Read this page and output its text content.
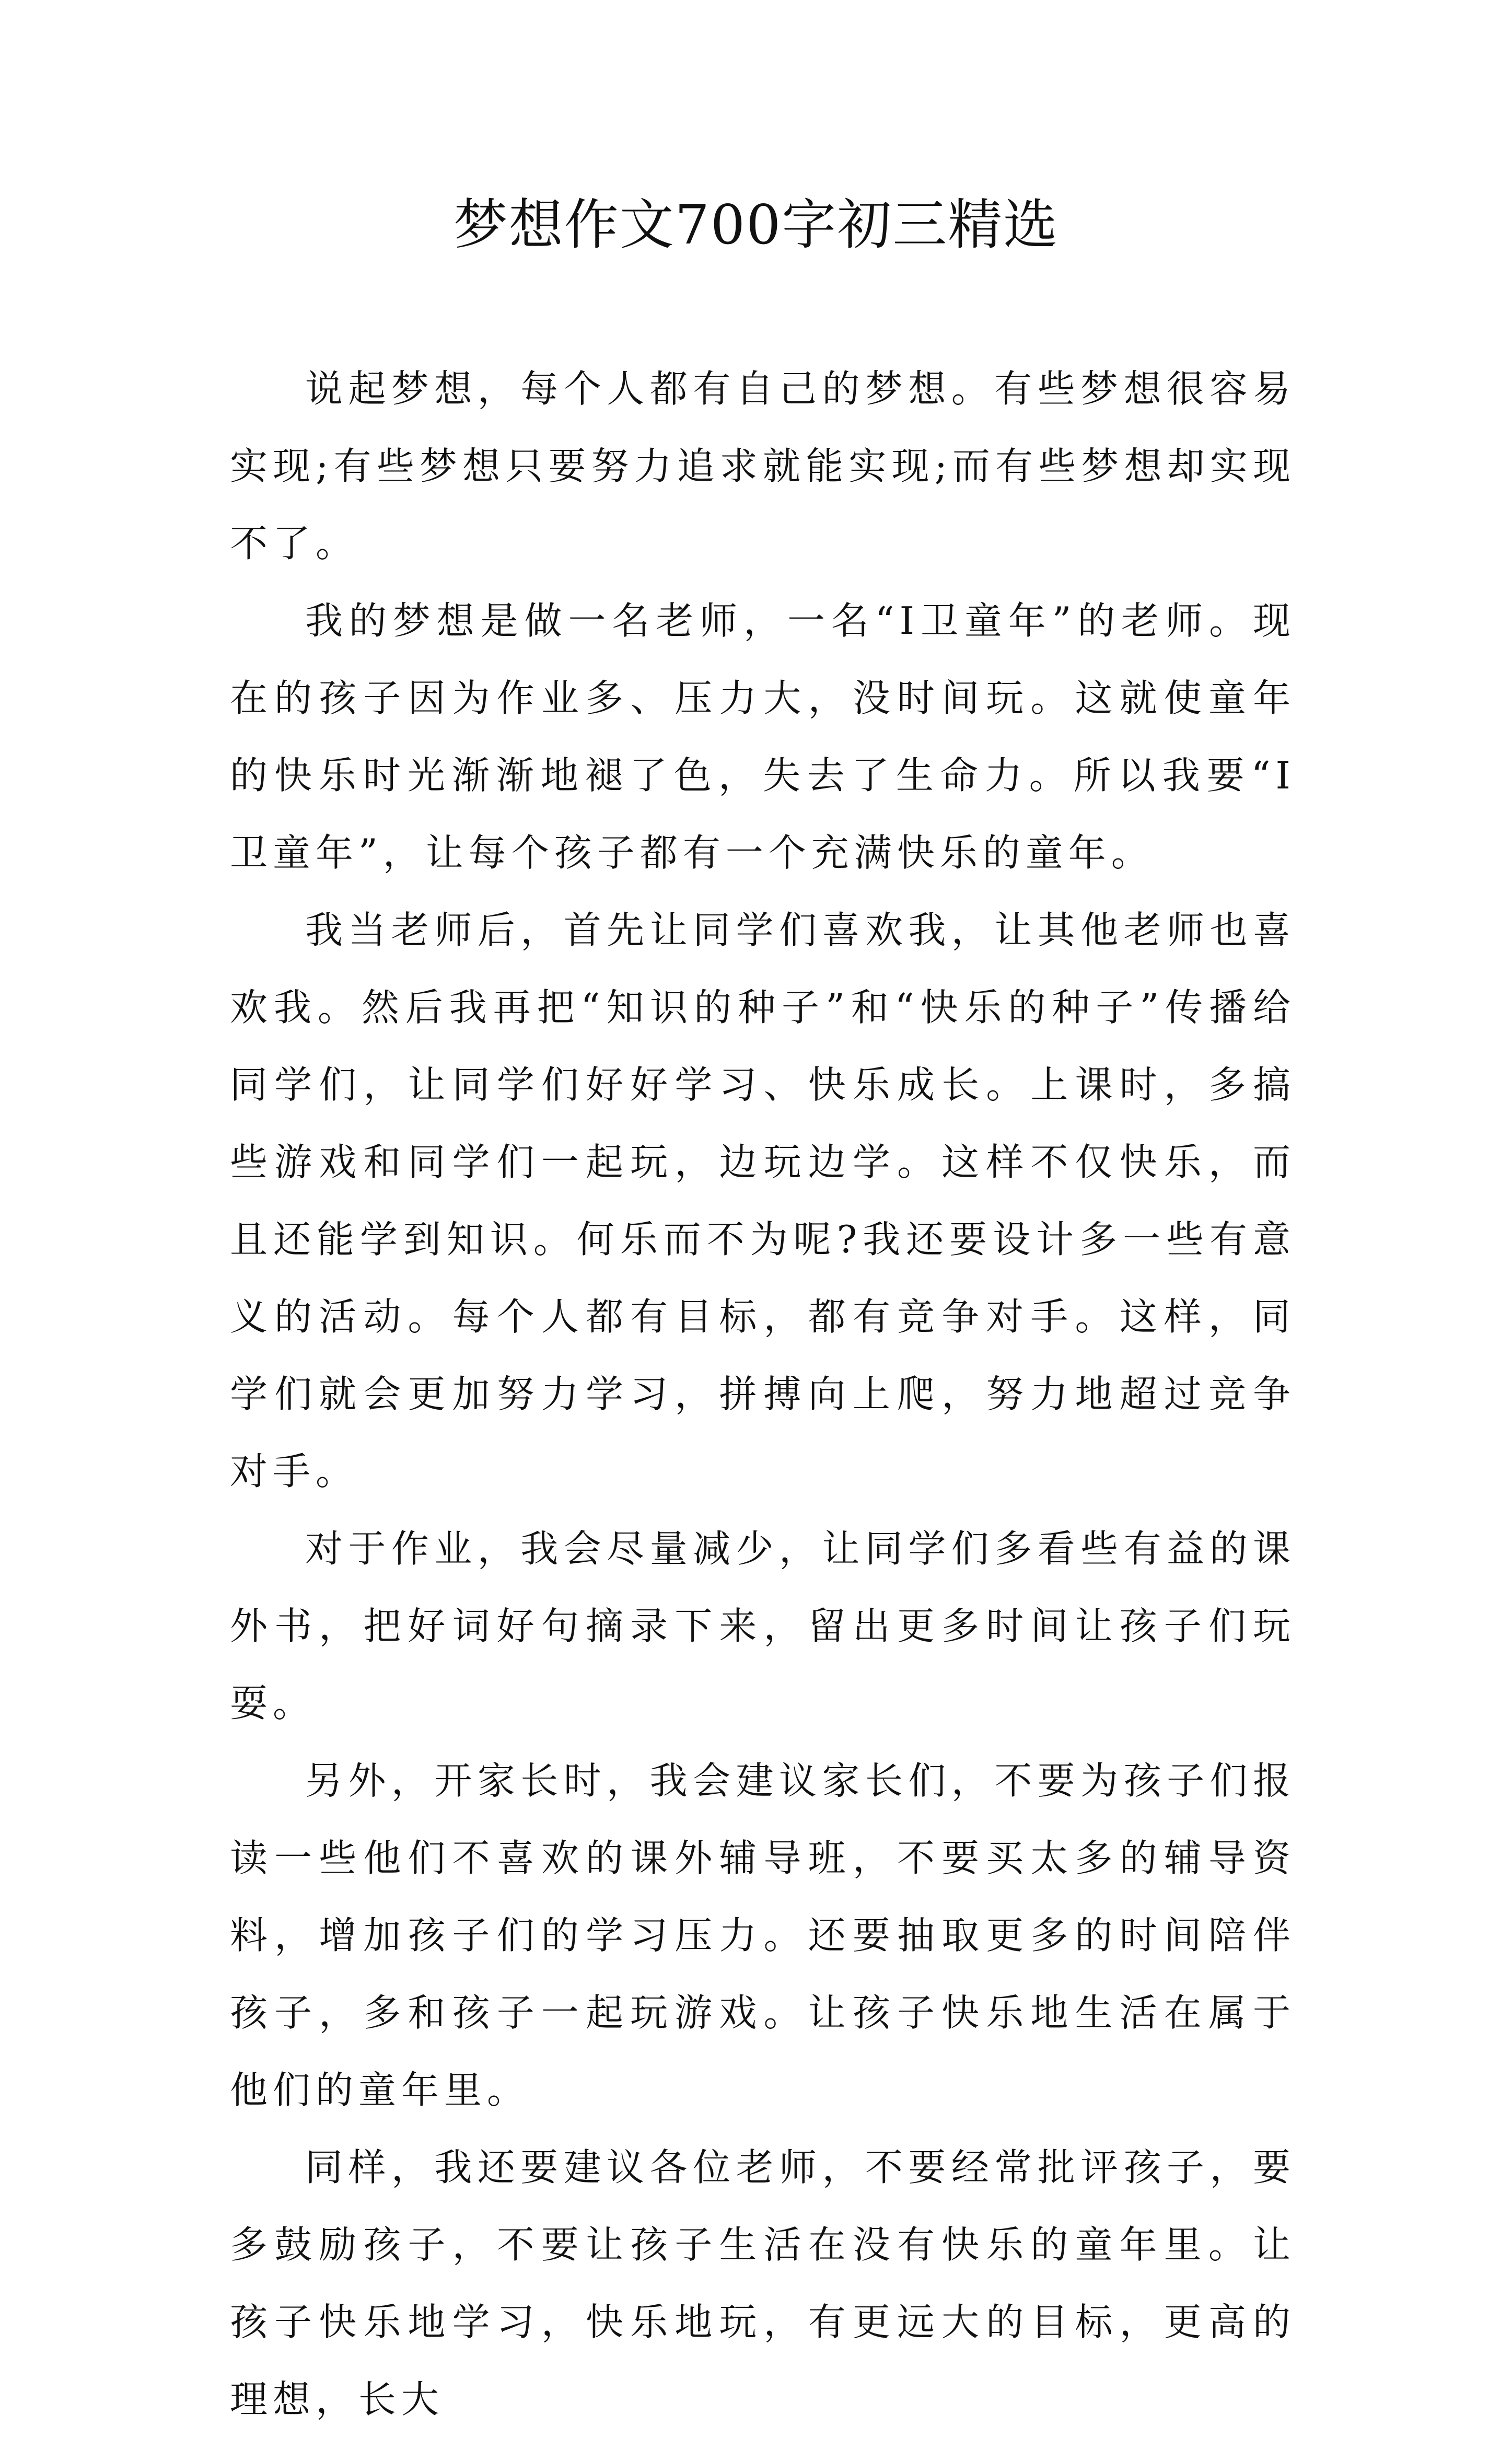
梦想作文700字初三精选

说起梦想，每个人都有自己的梦想。有些梦想很容易实现;有些梦想只要努力追求就能实现;而有些梦想却实现不了。

我的梦想是做一名老师，一名“I卫童年”的老师。现在的孩子因为作业多、压力大，没时间玩。这就使童年的快乐时光渐渐地褪了色，失去了生命力。所以我要“I卫童年”，让每个孩子都有一个充满快乐的童年。

我当老师后，首先让同学们喜欢我，让其他老师也喜欢我。然后我再把“知识的种子”和“快乐的种子”传播给同学们，让同学们好好学习、快乐成长。上课时，多搞些游戏和同学们一起玩，边玩边学。这样不仅快乐，而且还能学到知识。何乐而不为呢?我还要设计多一些有意义的活动。每个人都有目标，都有竞争对手。这样，同学们就会更加努力学习，拼搏向上爬，努力地超过竞争对手。

对于作业，我会尽量减少，让同学们多看些有益的课外书，把好词好句摘录下来，留出更多时间让孩子们玩耍。

另外，开家长时，我会建议家长们，不要为孩子们报读一些他们不喜欢的课外辅导班，不要买太多的辅导资料，增加孩子们的学习压力。还要抽取更多的时间陪伴孩子，多和孩子一起玩游戏。让孩子快乐地生活在属于他们的童年里。

同样，我还要建议各位老师，不要经常批评孩子，要多鼓励孩子，不要让孩子生活在没有快乐的童年里。让孩子快乐地学习，快乐地玩，有更远大的目标，更高的理想，长大
